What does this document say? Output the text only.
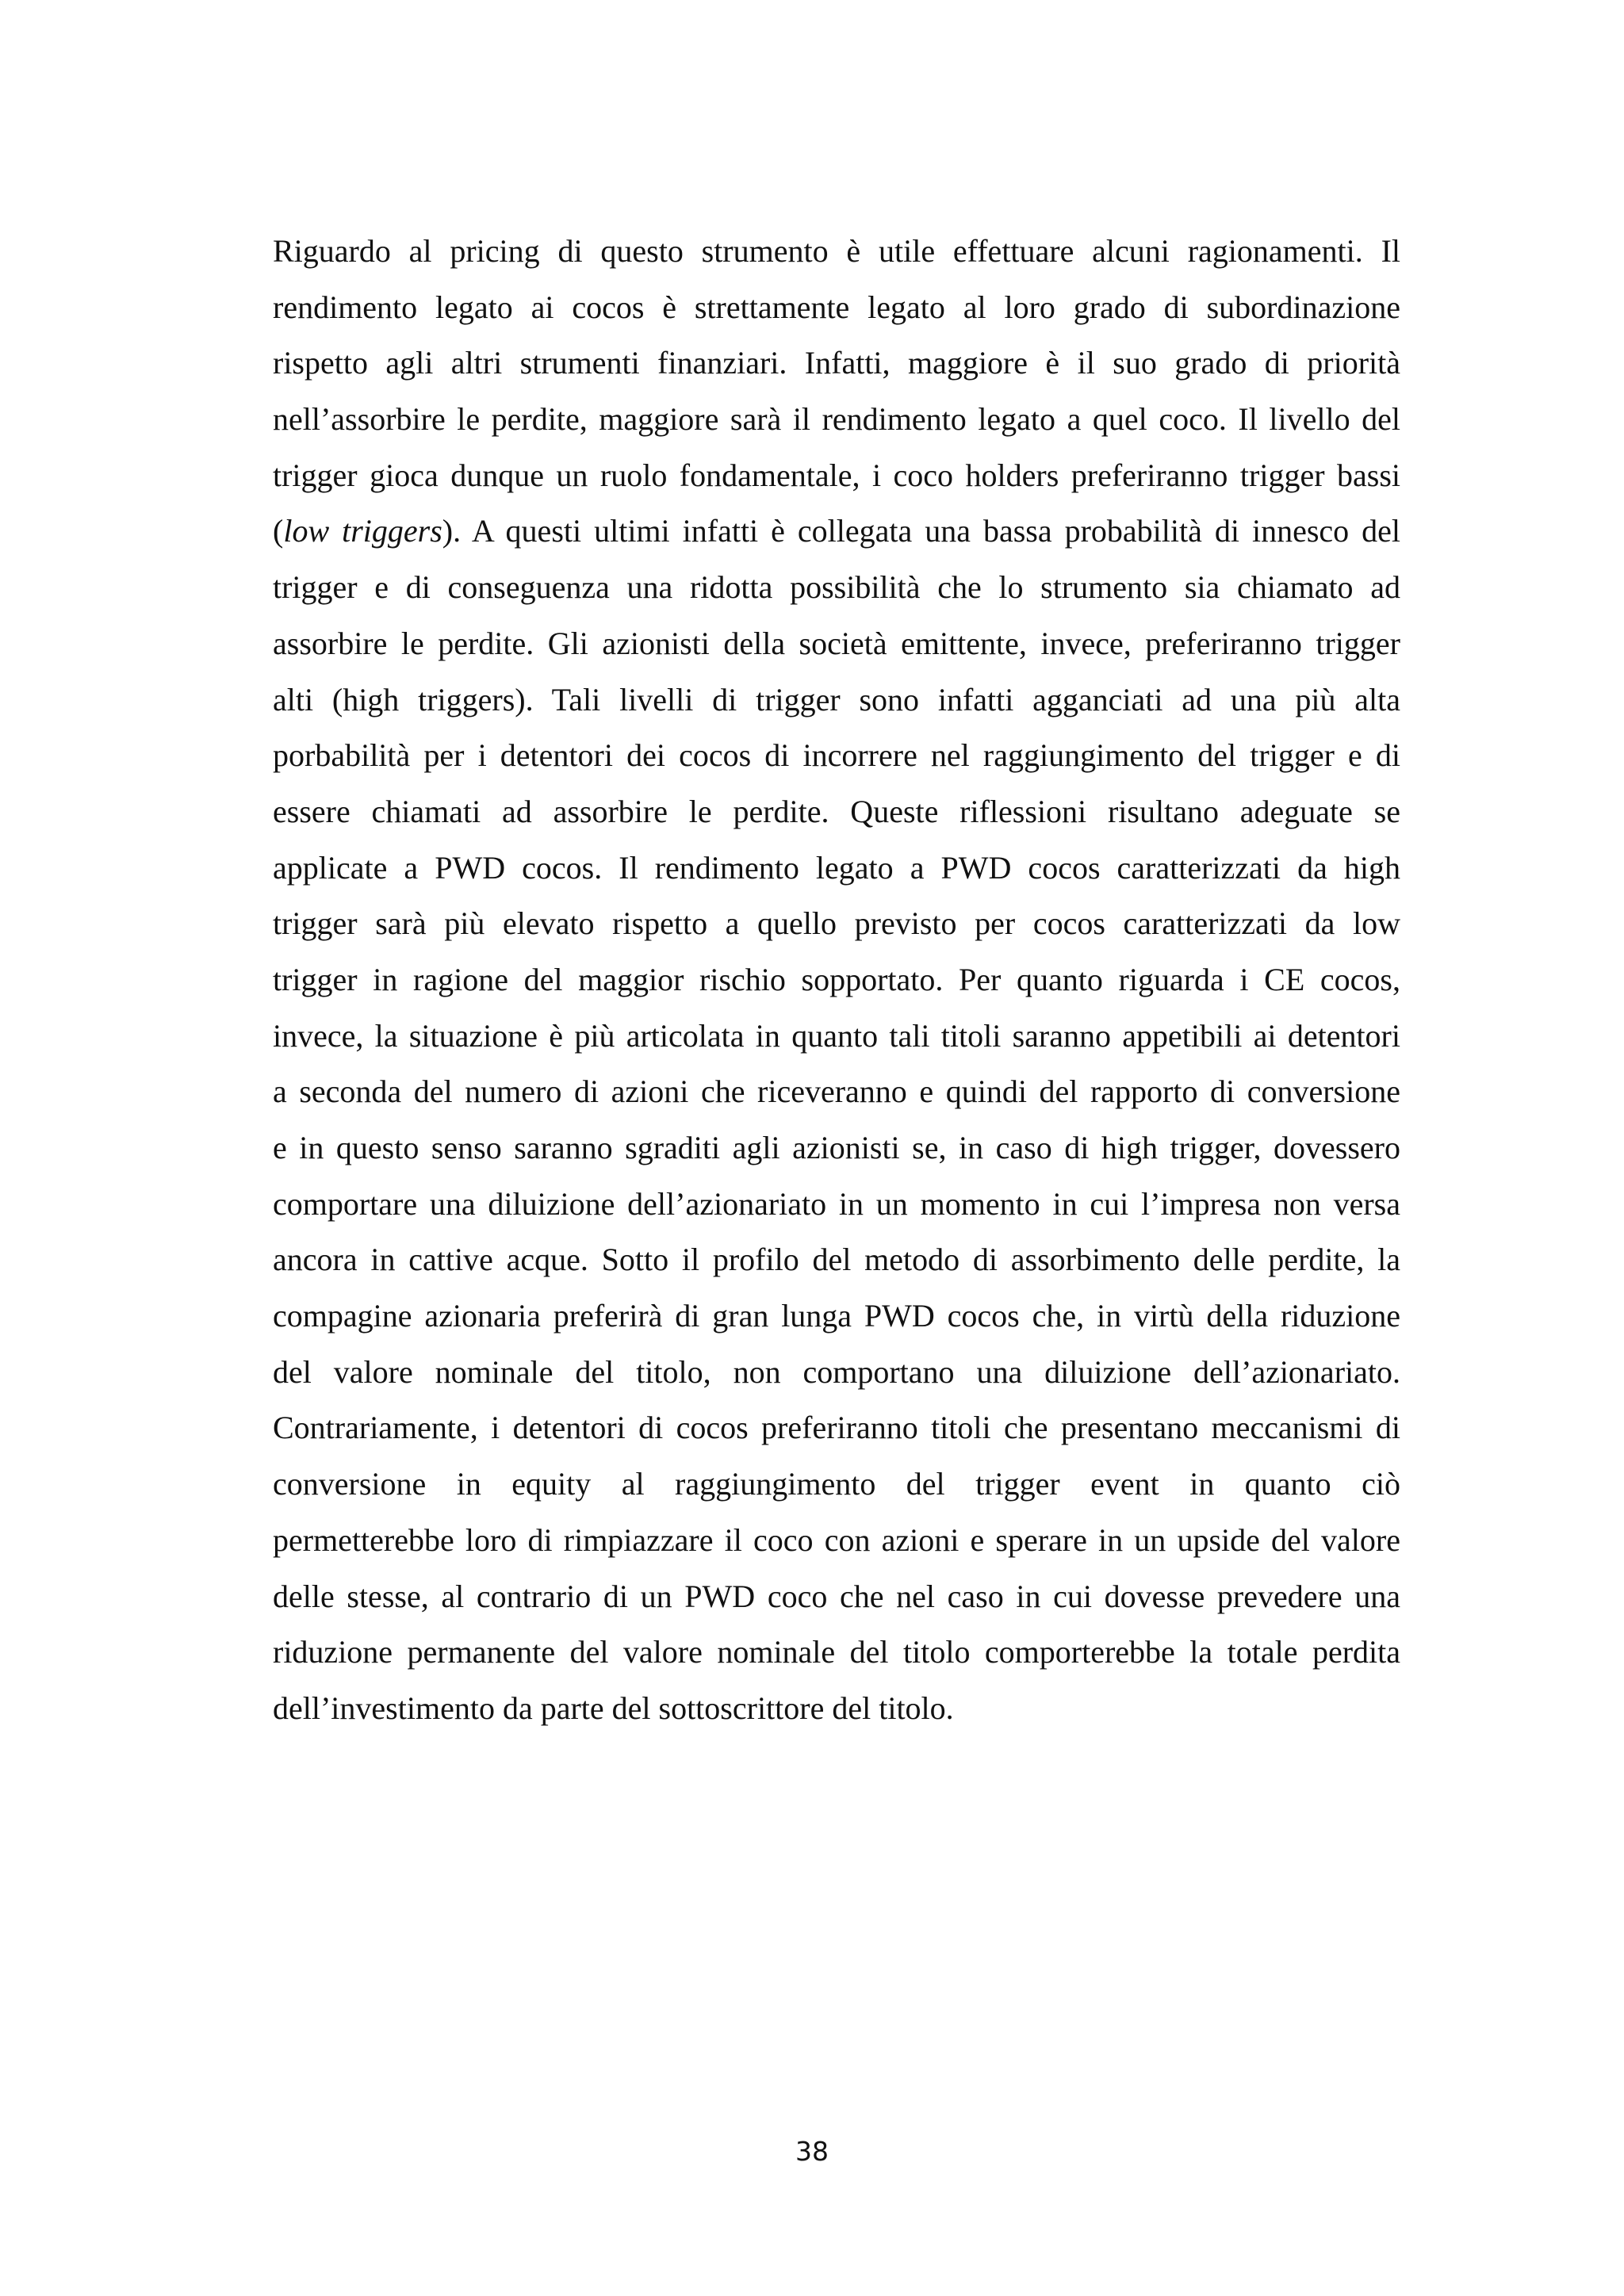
Riguardo al pricing di questo strumento è utile effettuare alcuni ragionamenti. Il
rendimento legato ai cocos è strettamente legato al loro grado di subordinazione
rispetto agli altri strumenti finanziari. Infatti, maggiore è il suo grado di priorità
nell’assorbire le perdite, maggiore sarà il rendimento legato a quel coco. Il livello del
trigger gioca dunque un ruolo fondamentale, i coco holders preferiranno trigger bassi
(low triggers). A questi ultimi infatti è collegata una bassa probabilità di innesco del
trigger e di conseguenza una ridotta possibilità che lo strumento sia chiamato ad
assorbire le perdite. Gli azionisti della società emittente, invece, preferiranno trigger
alti (high triggers). Tali livelli di trigger sono infatti agganciati ad una più alta
porbabilità per i detentori dei cocos di incorrere nel raggiungimento del trigger e di
essere chiamati ad assorbire le perdite. Queste riflessioni risultano adeguate se
applicate a PWD cocos. Il rendimento legato a PWD cocos caratterizzati da high
trigger sarà più elevato rispetto a quello previsto per cocos caratterizzati da low
trigger in ragione del maggior rischio sopportato. Per quanto riguarda i CE cocos,
invece, la situazione è più articolata in quanto tali titoli saranno appetibili ai detentori
a seconda del numero di azioni che riceveranno e quindi del rapporto di conversione
e in questo senso saranno sgraditi agli azionisti se, in caso di high trigger, dovessero
comportare una diluizione dell’azionariato in un momento in cui l’impresa non versa
ancora in cattive acque. Sotto il profilo del metodo di assorbimento delle perdite, la
compagine azionaria preferirà di gran lunga PWD cocos che, in virtù della riduzione
del valore nominale del titolo, non comportano una diluizione dell’azionariato.
Contrariamente, i detentori di cocos preferiranno titoli che presentano meccanismi di
conversione in equity al raggiungimento del trigger event in quanto ciò
permetterebbe loro di rimpiazzare il coco con azioni e sperare in un upside del valore
delle stesse, al contrario di un PWD coco che nel caso in cui dovesse prevedere una
riduzione permanente del valore nominale del titolo comporterebbe la totale perdita
dell’investimento da parte del sottoscrittore del titolo.
38
